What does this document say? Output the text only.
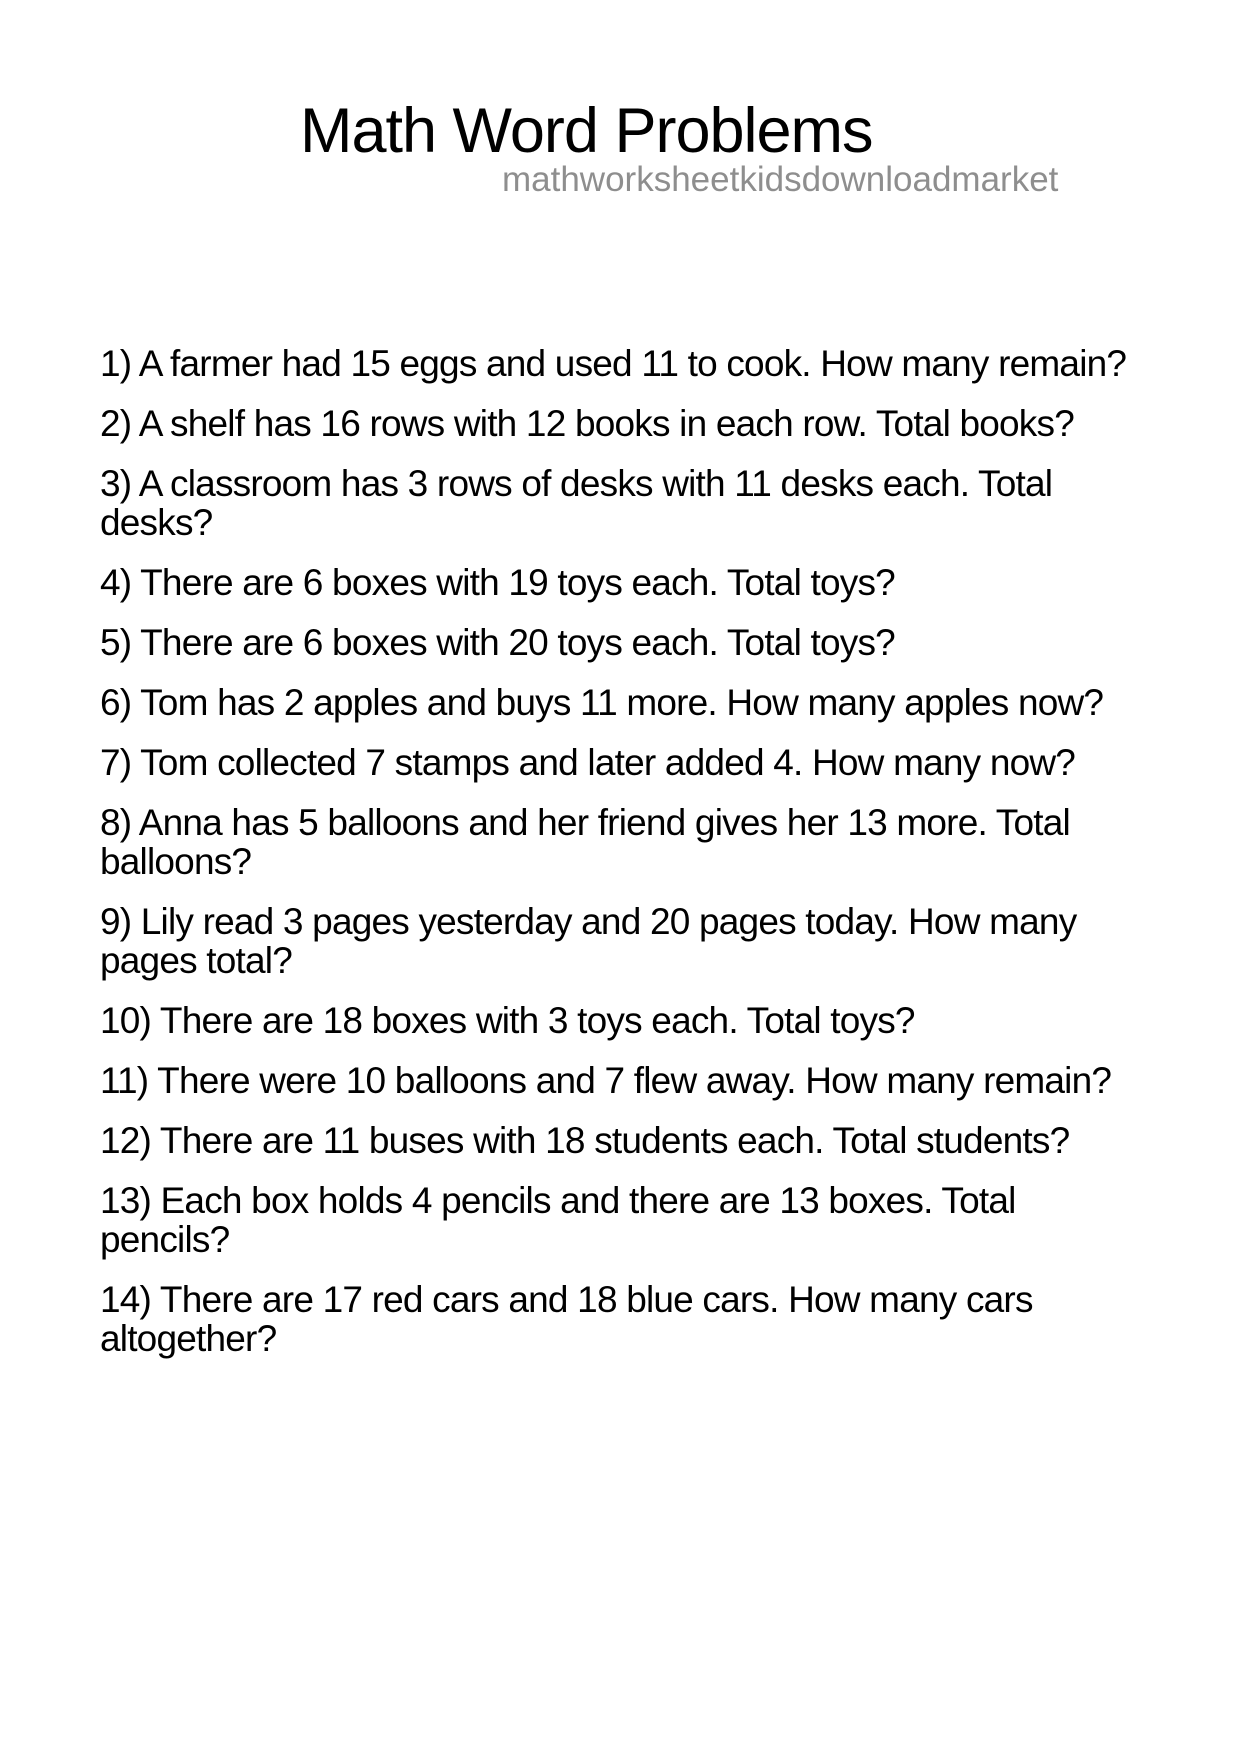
Math Word Problems
mathworksheetkidsdownloadmarket
1) A farmer had 15 eggs and used 11 to cook. How many remain?
2) A shelf has 16 rows with 12 books in each row. Total books?
3) A classroom has 3 rows of desks with 11 desks each. Total
desks?
4) There are 6 boxes with 19 toys each. Total toys?
5) There are 6 boxes with 20 toys each. Total toys?
6) Tom has 2 apples and buys 11 more. How many apples now?
7) Tom collected 7 stamps and later added 4. How many now?
8) Anna has 5 balloons and her friend gives her 13 more. Total
balloons?
9) Lily read 3 pages yesterday and 20 pages today. How many
pages total?
10) There are 18 boxes with 3 toys each. Total toys?
11) There were 10 balloons and 7 flew away. How many remain?
12) There are 11 buses with 18 students each. Total students?
13) Each box holds 4 pencils and there are 13 boxes. Total
pencils?
14) There are 17 red cars and 18 blue cars. How many cars
altogether?
